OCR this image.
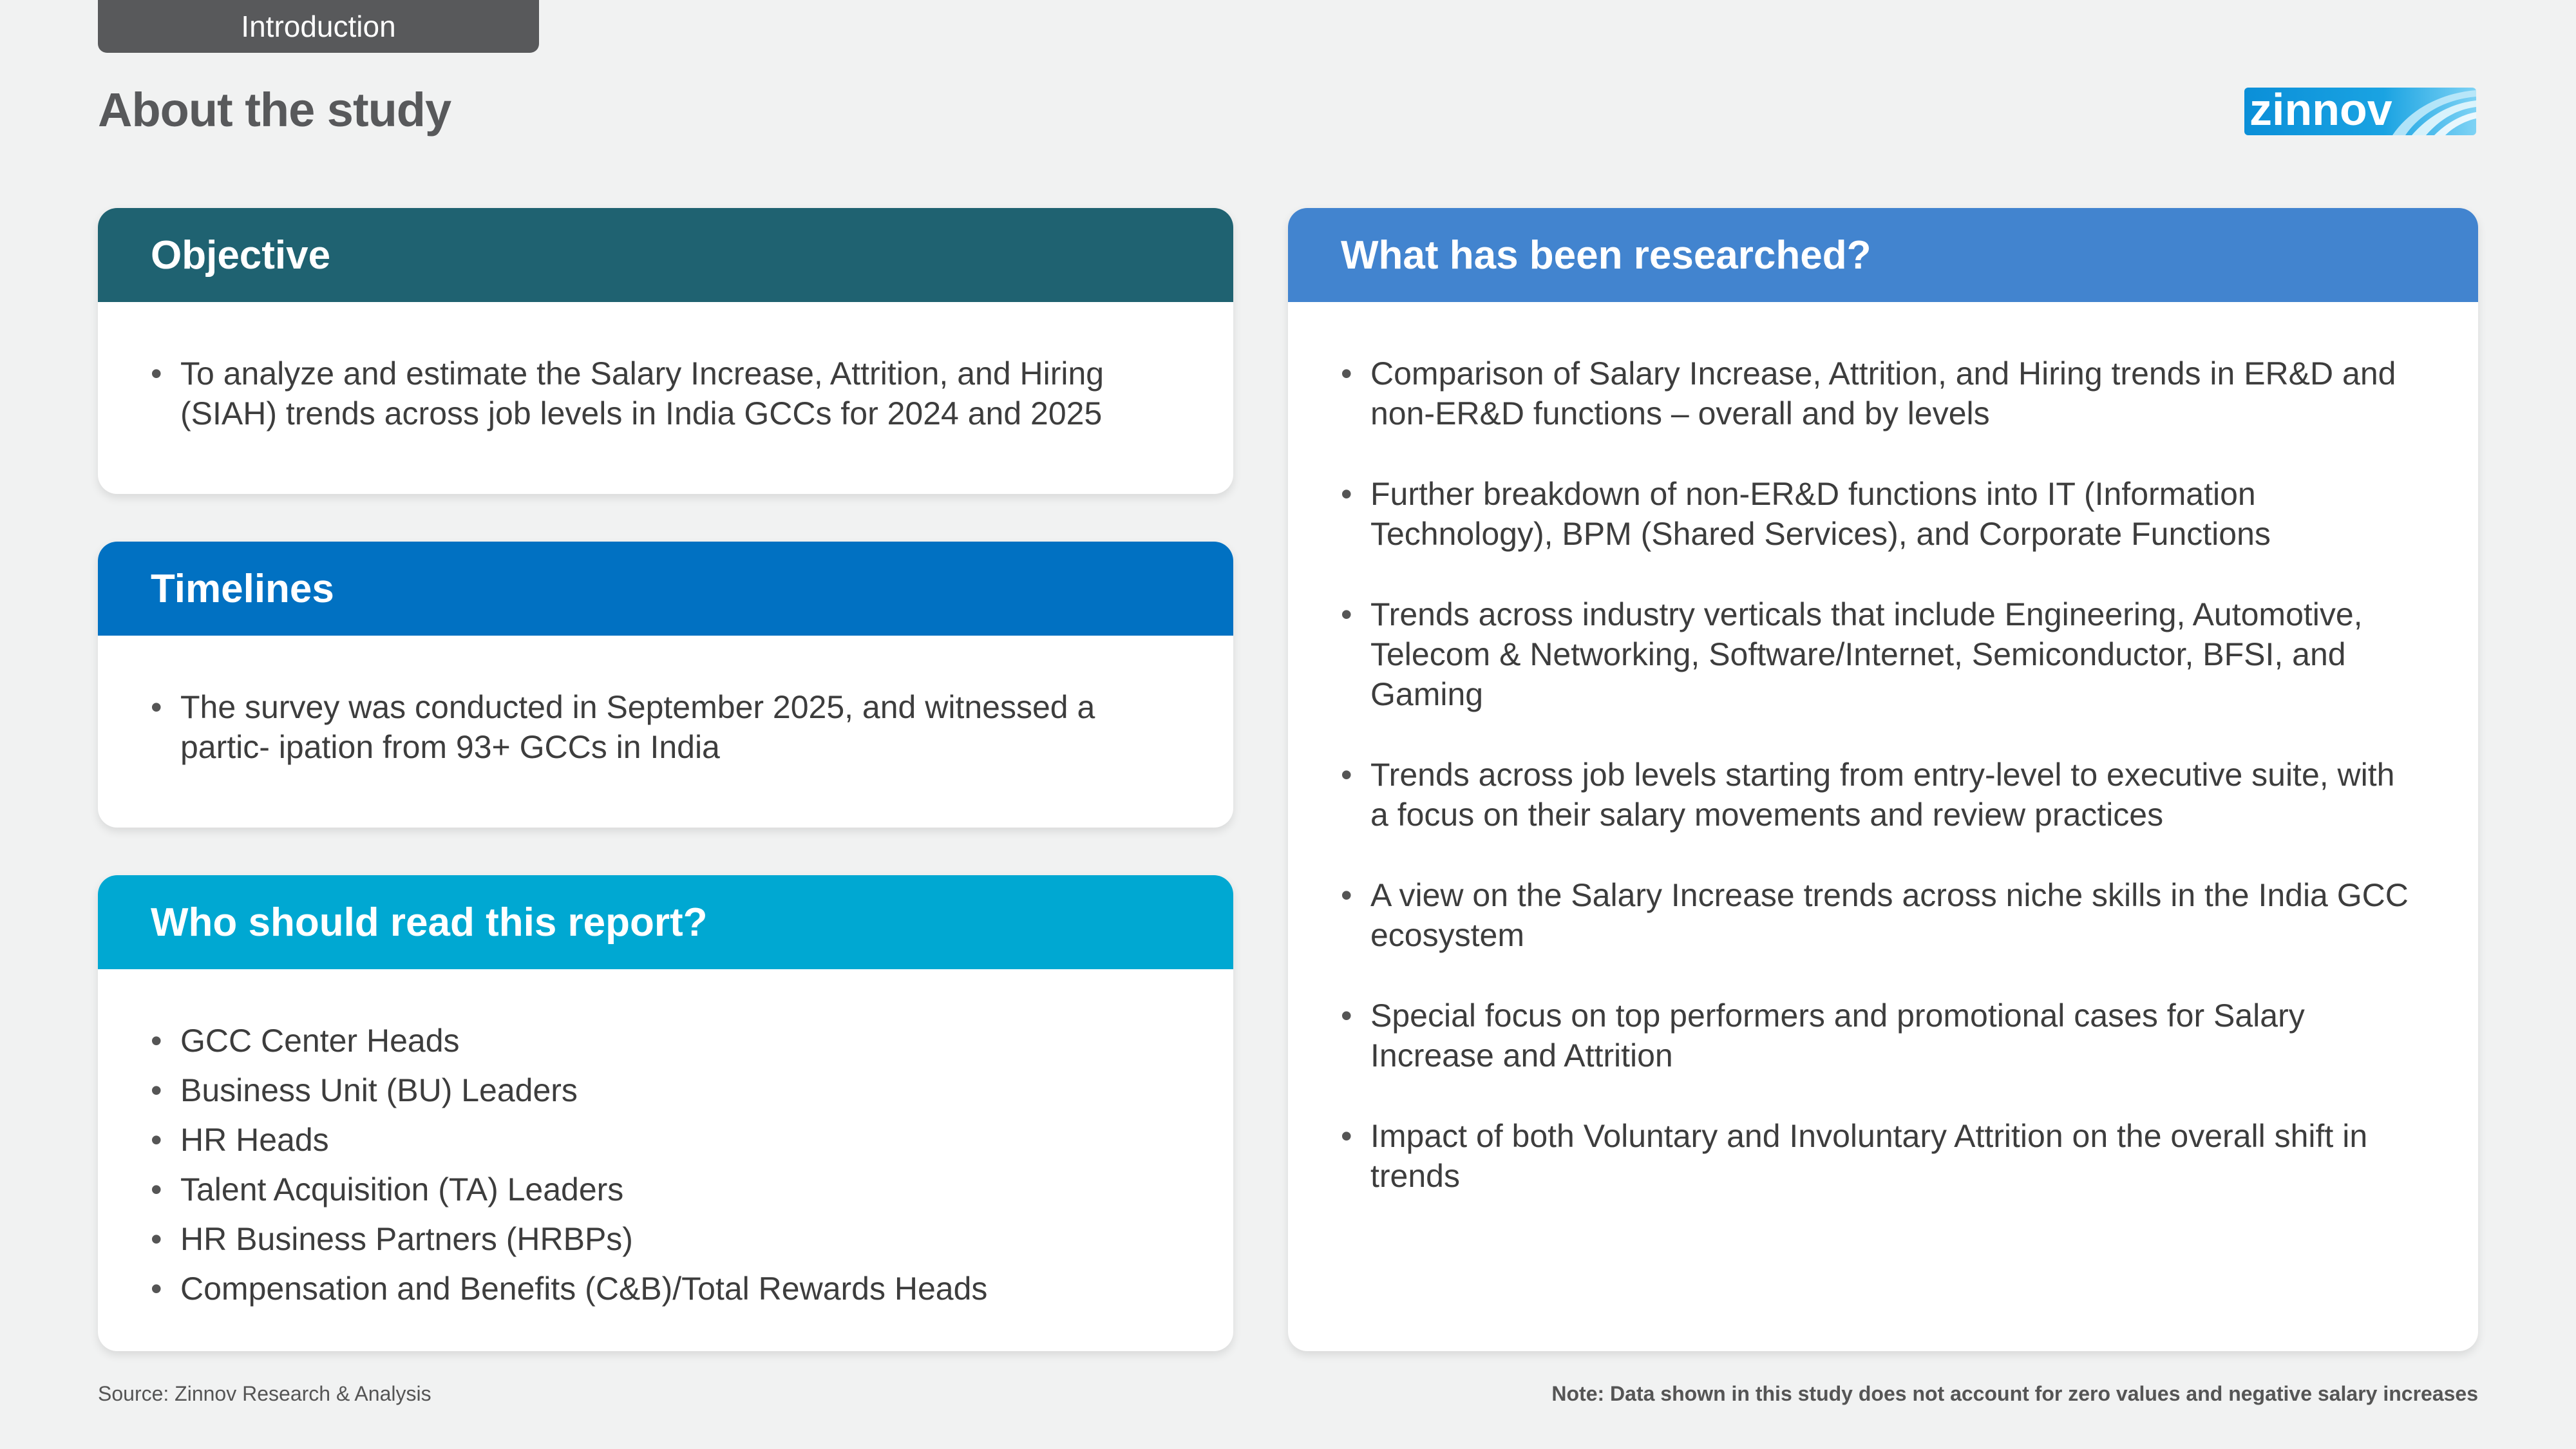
Introduction
About the study	zinnov
Objective
• To analyze and estimate the Salary Increase, Attrition, and Hiring (SIAH) trends across job levels in India GCCs for 2024 and 2025
Timelines
• The survey was conducted in September 2025, and witnessed a partic- ipation from 93+ GCCs in India
Who should read this report?
• GCC Center Heads
• Business Unit (BU) Leaders
• HR Heads
• Talent Acquisition (TA) Leaders
• HR Business Partners (HRBPs)
• Compensation and Benefits (C&B)/Total Rewards Heads
What has been researched?
• Comparison of Salary Increase, Attrition, and Hiring trends in ER&D and non-ER&D functions – overall and by levels
• Further breakdown of non-ER&D functions into IT (Information Technology), BPM (Shared Services), and Corporate Functions
• Trends across industry verticals that include Engineering, Automotive, Telecom & Networking, Software/Internet, Semiconductor, BFSI, and Gaming
• Trends across job levels starting from entry-level to executive suite, with a focus on their salary movements and review practices
• A view on the Salary Increase trends across niche skills in the India GCC ecosystem
• Special focus on top performers and promotional cases for Salary Increase and Attrition
• Impact of both Voluntary and Involuntary Attrition on the overall shift in trends
Source: Zinnov Research & Analysis	Note: Data shown in this study does not account for zero values and negative salary increases
